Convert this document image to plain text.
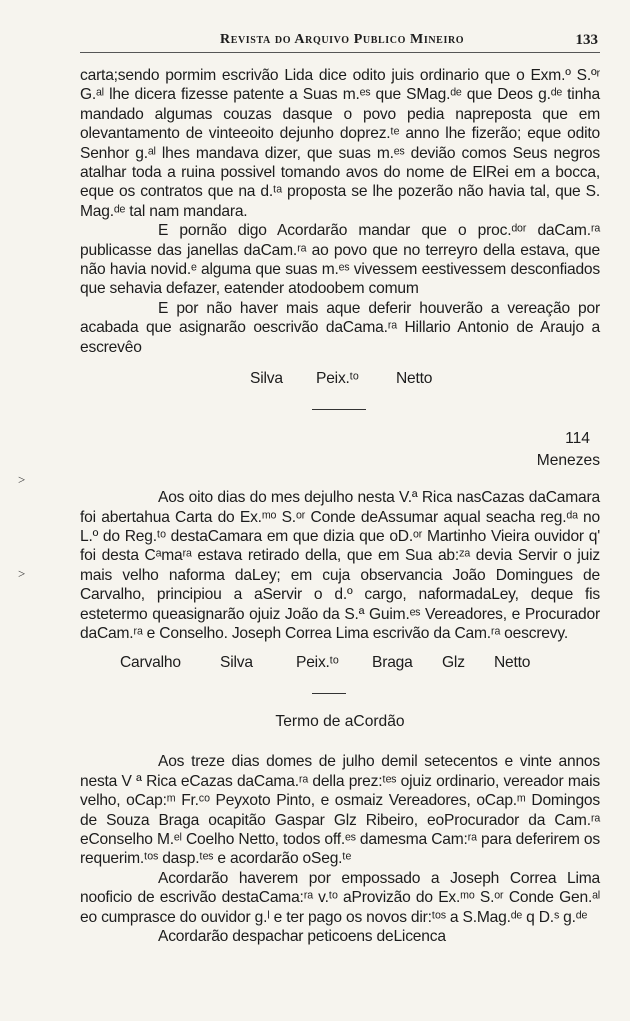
Revista do Arquivo Publico Mineiro	133
>
>

carta;sendo pormim escrivão Lida dice odito juis ordinario que o Exm.º S.ºʳ G.ᵃˡ lhe dicera fizesse patente a Suas m.ᵉˢ que SMag.ᵈᵉ que Deos g.ᵈᵉ tinha mandado algumas couzas dasque o povo pedia napreposta que em olevantamento de vinteeoito dejunho doprez.ᵗᵉ anno lhe fizerão; eque odito Senhor g.ᵃˡ lhes mandava dizer, que suas m.ᵉˢ devião comos Seus negros atalhar toda a ruina possivel tomando avos do nome de ElRei em a bocca, eque os contratos que na d.ᵗᵃ proposta se lhe pozerão não havia tal, que S. Mag.ᵈᵉ tal nam mandara.

E pornão digo Acordarão mandar que o proc.ᵈᵒʳ daCam.ʳᵃ publicasse das janellas daCam.ʳᵃ ao povo que no terreyro della estava, que não havia novid.ᵉ alguma que suas m.ᵉˢ vivessem eestivessem desconfiados que sehavia defazer, eatender atodoobem comum

E por não haver mais aque deferir houverão a vereação por acabada que asignarão oescrivão daCama.ʳᵃ Hillario Antonio de Araujo a escrevêo

Silva	Peix.ᵗᵒ	Netto
114
Menezes

Aos oito dias do mes dejulho nesta V.ª Rica nasCazas daCamara foi abertahua Carta do Ex.ᵐᵒ S.ᵒʳ Conde deAssumar aqual seacha reg.ᵈᵃ no L.º do Reg.ᵗᵒ destaCamara em que dizia que oD.ᵒʳ Martinho Vieira ouvidor q' foi desta Cᵃmaʳᵃ estava retirado della, que em Sua ab:ᶻᵃ devia Servir o juiz mais velho naforma daLey; em cuja observancia João Domingues de Carvalho, principiou a aServir o d.º cargo, naformadaLey, deque fis estetermo queasignarão ojuiz João da S.ª Guim.ᵉˢ Vereadores, e Procurador daCam.ʳᵃ e Conselho. Joseph Correa Lima escrivão da Cam.ʳᵃ oescrevy.

Carvalho	Silva	Peix.ᵗᵒ	Braga	Glz	Netto
Termo de aCordão

Aos treze dias domes de julho demil setecentos e vinte annos nesta V ª Rica eCazas daCama.ʳᵃ della prez:ᵗᵉˢ ojuiz ordinario, vereador mais velho, oCap:ᵐ Fr.ᶜᵒ Peyxoto Pinto, e osmaiz Vereadores, oCap.ᵐ Domingos de Souza Braga ocapitão Gaspar Glz Ribeiro, eoProcurador da Cam.ʳᵃ eConselho M.ᵉˡ Coelho Netto, todos off.ᵉˢ damesma Cam:ʳᵃ para deferirem os requerim.ᵗᵒˢ dasp.ᵗᵉˢ e acordarão oSeg.ᵗᵉ

Acordarão haverem por empossado a Joseph Correa Lima nooficio de escrivão destaCama:ʳᵃ v.ᵗᵒ aProvizão do Ex.ᵐᵒ S.ᵒʳ Conde Gen.ᵃˡ eo cumprasce do ouvidor g.ˡ e ter pago os novos dir:ᵗᵒˢ a S.Mag.ᵈᵉ q D.ˢ g.ᵈᵉ

Acordarão despachar peticoens deLicenca
